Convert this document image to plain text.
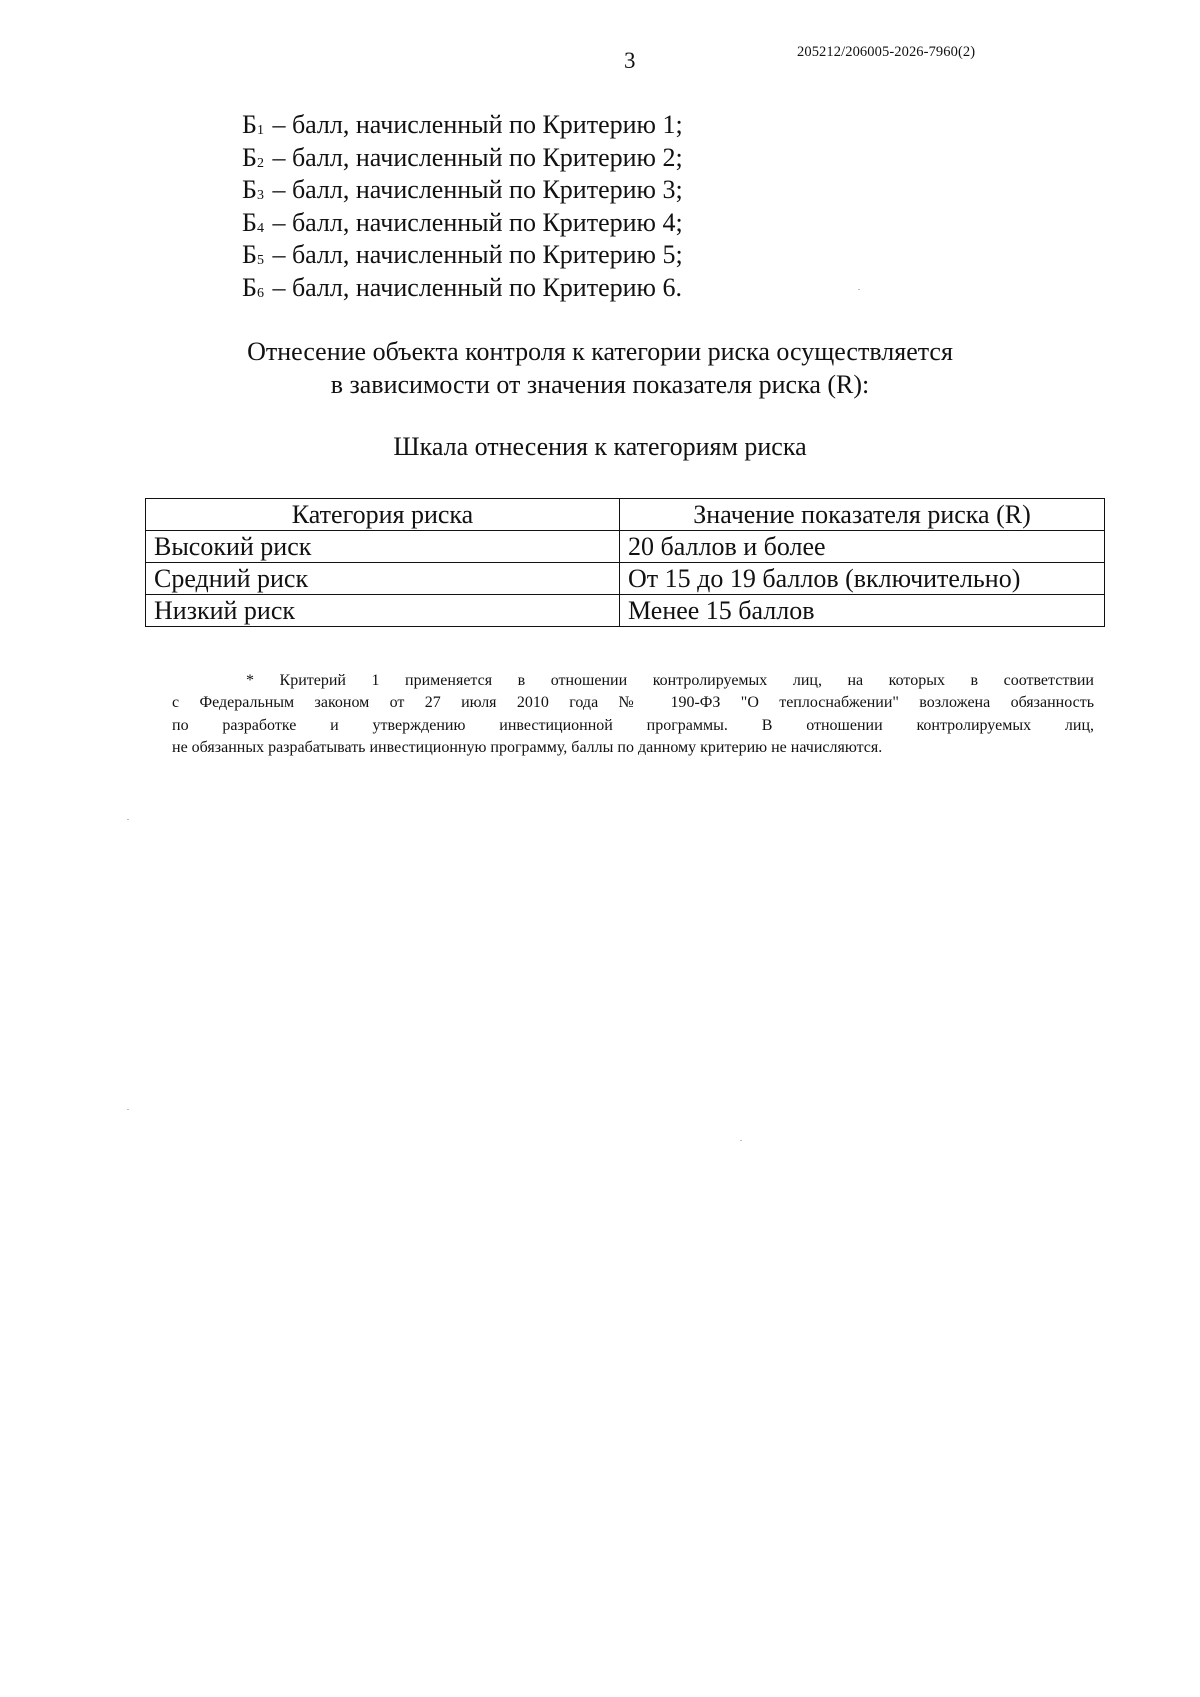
3	205212/206005-2026-7960(2)
$Б_1$ – балл, начисленный по Критерию 1;
$Б_2$ – балл, начисленный по Критерию 2;
$Б_3$ – балл, начисленный по Критерию 3;
$Б_4$ – балл, начисленный по Критерию 4;
$Б_5$ – балл, начисленный по Критерию 5;
$Б_6$ – балл, начисленный по Критерию 6.
Отнесение объекта контроля к категории риска осуществляется
в зависимости от значения показателя риска (R):
Шкала отнесения к категориям риска
Категория риска	Значение показателя риска (R)
Высокий риск	20 баллов и более
Средний риск	От 15 до 19 баллов (включительно)
Низкий риск	Менее 15 баллов
* Критерий 1 применяется в отношении контролируемых лиц, на которых в соответствии
с Федеральным законом от 27 июля 2010 года № 190-ФЗ "О теплоснабжении" возложена обязанность
по разработке и утверждению инвестиционной программы. В отношении контролируемых лиц,
не обязанных разрабатывать инвестиционную программу, баллы по данному критерию не начисляются.
